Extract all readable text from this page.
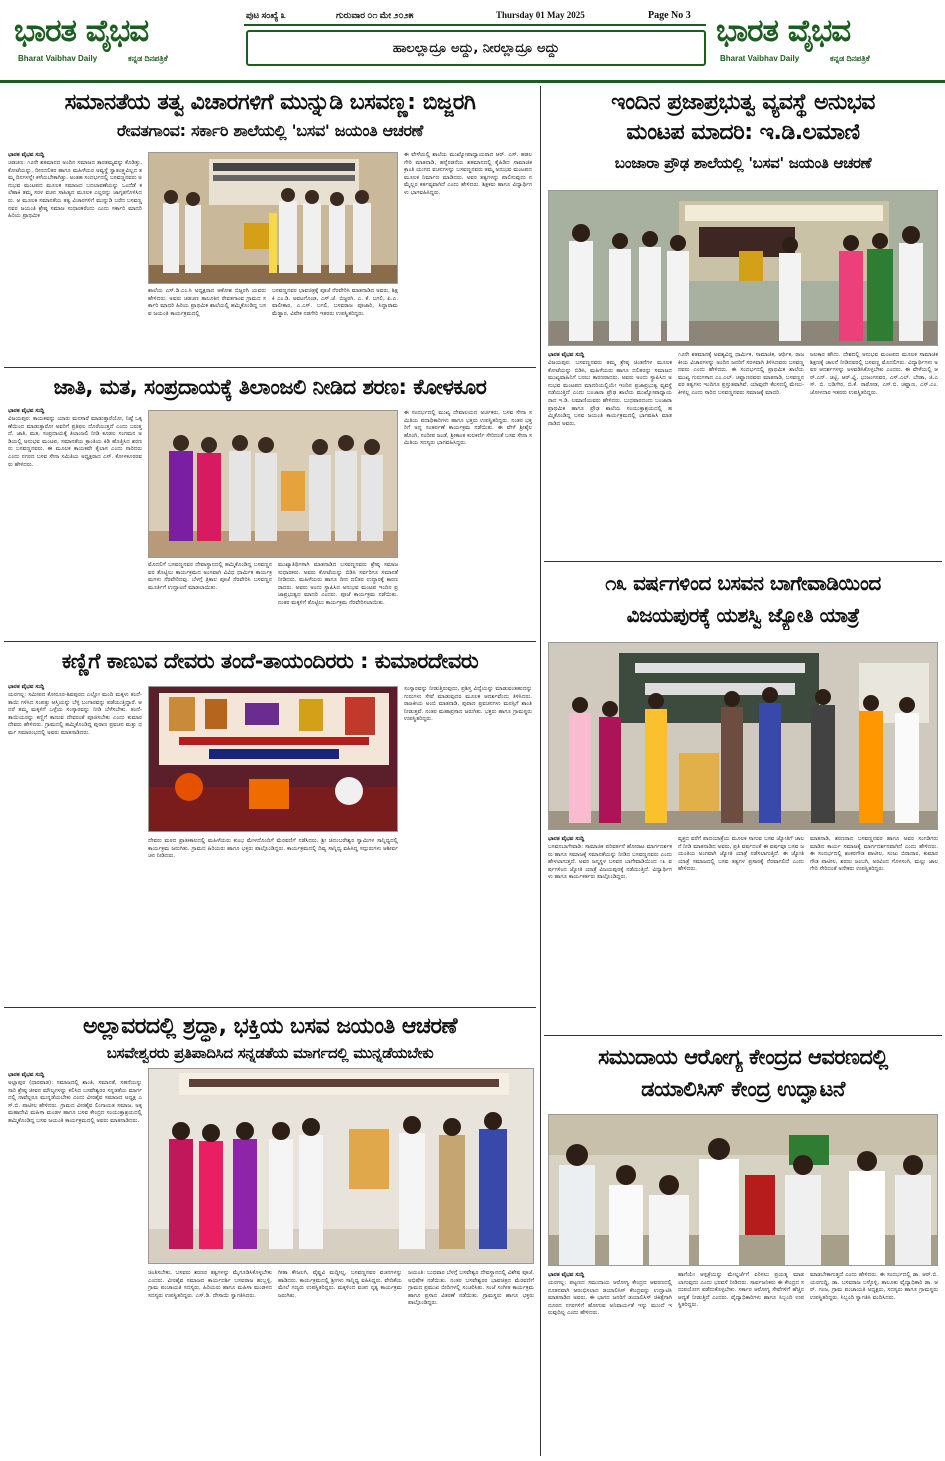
ಭಾರತ ವೈಭವ
Bharat Vaibhav Daily	ಕನ್ನಡ ದಿನಪತ್ರಿಕೆ
ಪುಟ ಸಂಖ್ಯೆ ೩	ಗುರುವಾರ ೦೧ ಮೇ ೨೦೨೫	Thursday 01 May 2025	Page No 3
ಹಾಲಲ್ಲಾದ್ರೂ ಅದ್ದು, ನೀರಲ್ಲಾದ್ರೂ ಅದ್ದು	ಭಾರತ ವೈಭವ
Bharat Vaibhav Daily	ಕನ್ನಡ ದಿನಪತ್ರಿಕೆ
ಸಮಾನತೆಯ ತತ್ವ ವಿಚಾರಗಳಿಗೆ ಮುನ್ನುಡಿ ಬಸವಣ್ಣ: ಬಿಜ್ಜರಗಿ
ರೇವತಗಾಂವ: ಸರ್ಕಾರಿ ಶಾಲೆಯಲ್ಲಿ 'ಬಸವ' ಜಯಂತಿ ಆಚರಣೆ
ಭಾರತ ವೈಭವ ಸುದ್ದಿ
ಚಡಚಣ: ೧೨ನೇ ಶತಮಾನದ ಅಂದಿನ ಸಮಾಜದ ತಾರತಮ್ಯವನ್ನು ಕೊಡಿತ್ತು, ಕೋಟೆಯನ್ನು, ದೀನದಲಿತರ ಹಾಗೂ ಮಹಿಳೆಯರ ಅವ್ವಸ್ಥೆ ಸ್ವಾತಂತ್ರ್ಯವಿಲ್ಲದ ತಮ್ಮ ದಿನಗಳನ್ನೇ ಕಳೆಯಬೇಕಾಗಿತ್ತು. ಅಂತಹ ಸಂದರ್ಭದಲ್ಲಿ ಬಸವಣ್ಣನವರು ಅನುಭವ ಮಂಟಪದ ಮೂಲಕ ಸಮಾಜದ ಬದಲಾವಣೆಯನ್ನು ಒಂದೆಡೆ ಕಲೆಹಾಕಿ ತಮ್ಮ ಸರಳ ವಚನ ಸಾಹಿತ್ಯದ ಮೂಲಕ ಎಲ್ಲರನ್ನು ಜಾಗೃತಗೊಳಿಸಿದರು. ಆ ಮೂಲಕ ಸಮಾನತೆಯ ತತ್ವ ವಿಚಾರಗಳಿಗೆ ಮುನ್ನುಡಿ ಬರೆದ ಬಸವಣ್ಣನವರ ಜಯಂತಿ ಶ್ರೇಷ್ಠ ಸಮಾಜ ಸುಧಾರಕರೆಂದು ಎಂದು ಸರ್ಕಾರಿ ಮಾದರಿ ಹಿರಿಯ ಪ್ರಾಥಮಿಕ
ಶಾಲೆಯ ಎಸ್.ಡಿ.ಎಂ.ಸಿ ಅಧ್ಯಕ್ಷರಾದ ಆಕೋಶ ಬಿಜ್ಜರಗಿ ಯವರು ಹೇಳಿದರು. ಅವರು ಚಡಚಣ ತಾಲೂಕಿನ ರೇವತಗಾಂವ ಗ್ರಾಮದ ಸರ್ಕಾರಿ ಮಾದರಿ ಹಿರಿಯ ಪ್ರಾಥಮಿಕ ಶಾಲೆಯಲ್ಲಿ ಹಮ್ಮಿಕೊಂಡಿದ್ದ ಬಸವ ಜಯಂತಿ ಕಾರ್ಯಕ್ರಮದಲ್ಲಿ
ಬಸವಣ್ಣನವರ ಭಾವಚಿತ್ರಕ್ಕೆ ಪೂಜೆ ನೆರವೇರಿಸಿ ಮಾತನಾಡಿದ ಅವರು, ಶಿಕ್ಷಕಿ ಎಂ.ಡಿ. ಅವಟಗೊಂಡ, ಎಸ್.ಜೆ. ಬಿಜ್ಜರಗಿ, ಎ. ಕೆ. ಬಗಲಿ, ಪಿ.ಎ. ವಾಲೀಕಾರ, ಎ.ಎಸ್. ಬಗಲಿ, ಬಸವರಾಜ ಪೂಜಾರಿ, ಸಿದ್ದಾರಾಮ ಮೆಡ್ಡಾರ, ವಿವೇಕ ನಡಗೇರಿ ಇತರರು ಉಪಸ್ಥಿತರಿದ್ದರು.
ಈ ವೇಳೆಯಲ್ಲಿ ಶಾಲೆಯ ಮುಖ್ಯೋಪಾಧ್ಯಾಯರಾದ ಆರ್. ಎಸ್. ಹಡಲಗೇರಿ ಮಾತನಾಡಿ, ಹನ್ನೆರಡನೆಯ ಶತಮಾನದಲ್ಲಿ ಕೈಹಿಡಿದ ಸಾಮಾಜಿಕ ಕ್ರಾಂತಿ ಯುಗದ ವಚನಗಳನ್ನು ಬಸವಣ್ಣನವರು ತಮ್ಮ ಅನುಭವ ಮಂಟಪದ ಮೂಲಕ ನಿರ್ಮಾಣ ಮಾಡಿದರು. ಅವರ ತತ್ವಗಳನ್ನು ಪಾಲಿಸುವುದು ನಮ್ಮೆಲ್ಲರ ಕರ್ತವ್ಯವಾಗಿದೆ ಎಂದು ಹೇಳಿದರು. ಶಿಕ್ಷಕರು ಹಾಗೂ ವಿದ್ಯಾರ್ಥಿಗಳು ಭಾಗವಹಿಸಿದ್ದರು.
ಜಾತಿ, ಮತ, ಸಂಪ್ರದಾಯಕ್ಕೆ ತಿಲಾಂಜಲಿ ನೀಡಿದ ಶರಣ: ಕೋಳಕೂರ
ಭಾರತ ವೈಭವ ಸುದ್ದಿ
ವಿಜಯಪುರ: ಕಾಯಕವನ್ನು ಯಾರು ಮನಸಾರೆ ಮಾಡುತ್ತಾರೆಯೋ, ನಿಷ್ಠೆ ಒಕ್ಕಣೆಯಿಂದ ಮಾಡುತ್ತಾರೋ ಅವರಿಗೆ ಪ್ರತಿಫಲ ದೊರೆಯುತ್ತದೆ ಎಂದು ಬರುತ್ತದೆ. ಜಾತಿ, ಮತ, ಸಂಪ್ರದಾಯಕ್ಕೆ ತಿಲಾಂಜಲಿ ನೀಡಿ ಕೂಡಲ ಸಂಗಮನ ಅಡಿಯಲ್ಲಿ ಅನುಭವ ಮಂಟಪ, ಸಮಾನತೆಯ ಕ್ರಾಂತಿಯ ಕಿಡಿ ಹೊತ್ತಿಸಿದ ಶರಣರು ಬಸವಣ್ಣನವರು. ಈ ಮೂಲಕ ಕಾಯಕವೇ ಕೈಲಾಸ ಎಂದು ಸಾರಿದರು ಎಂದು ನಗರದ ಬಸವ ಸೇನಾ ಸಮಿತಿಯ ಅಧ್ಯಕ್ಷರಾದ ಎಸ್. ಕೋಳಕೂರರವರು ಹೇಳಿದರು.
ಮೊದಲಿಗೆ ಬಸವಣ್ಣನವರ ದೇವಾಸ್ಥಾನದಲ್ಲಿ ಹಮ್ಮಿಕೊಂಡಿದ್ದ ಬಸವಣ್ಣನವರ ತೊಟ್ಟಿಲು ಕಾರ್ಯಕ್ರಮದ ಅಂಗವಾಗಿ ವಿವಿಧ ಧಾರ್ಮಿಕ ಕಾರ್ಯಕ್ರಮಗಳು ನೆರವೇರಿದವು. ಬೆಳಗ್ಗೆ ತ್ರಿಕಾಲ ಪೂಜೆ ನೆರವೇರಿಸಿ ಬಸವಣ್ಣನ ಮೂರ್ತಿಗೆ ಉದ್ಘಾಟನೆ ಮಾಡಲಾಯಿತು.
ಮುಖ್ಯಾತಿಥಿಗಳಾಗಿ ಮಾತನಾಡಿದ ಬಸವಣ್ಣನವರು ಶ್ರೇಷ್ಠ ಸಮಾಜ ಸುಧಾರಕರು. ಅವರು ಕೋಟೆಯನ್ನು ಬಿಡಿಸಿ ಸರ್ವರಿಗೂ ಸಮಾನತೆ ನೀಡಿದರು. ಮಹಿಳೆಯರು ಹಾಗೂ ದೀನ ದಲಿತರ ಉದ್ಧಾರಕ್ಕೆ ಕಾರಣರಾದರು. ಅವರು ಅಂದು ಸ್ಥಾಪಿಸಿದ ಅನುಭವ ಮಂಟಪ ಇಂದಿನ ಪ್ರಜಾಪ್ರಭುತ್ವದ ಮಾದರಿ ಎಂದರು. ಪೂಜೆ ಕಾರ್ಯಕ್ರಮ ನಡೆಯಿತು. ನಂತರ ಮಕ್ಕಳಿಗೆ ತೊಟ್ಟಿಲು ಕಾರ್ಯಕ್ರಮ ನೆರವೇರಿಸಲಾಯಿತು.
ಈ ಸಂದರ್ಭದಲ್ಲಿ ಮುಖ್ಯ ದೇವಾಲಯದ ಅರ್ಚಕರು, ಬಸವ ಸೇನಾ ಸಮಿತಿಯ ಪದಾಧಿಕಾರಿಗಳು ಹಾಗೂ ಭಕ್ತರು ಉಪಸ್ಥಿತರಿದ್ದರು. ನಂತರ ಭಕ್ತರಿಗೆ ಅನ್ನ ಸಂತರ್ಪಣೆ ಕಾರ್ಯಕ್ರಮ ನಡೆಯಿತು. ಈ ವೇಳೆ ಶ್ರೀಶೈಲ ಹೊಂಗಿ, ಸಂದೀಪ ಜಂಡೆ, ಶ್ರೀಕಾಂತ ಕುಲಕರ್ಣಿ ಸೇರಿದಂತೆ ಬಸವ ಸೇನಾ ಸಮಿತಿಯ ಸದಸ್ಯರು ಭಾಗವಹಿಸಿದ್ದರು.
ಕಣ್ಣಿಗೆ ಕಾಣುವ ದೇವರು ತಂದೆ-ತಾಯಂದಿರರು : ಕುಮಾರದೇವರು
ಭಾರತ ವೈಭವ ಸುದ್ದಿ
ಯರಗಲ್ಲ: ಸಮೀಪದ ಕೋರೂರ-ಶಿವಪುರದ ಎಲ್ಲೋ ಮಂದಿ ಮಕ್ಕಳು ತಂದೆ-ತಾಯಿ ಗಳಿಸಿದ ಸಂಪತ್ತು ಆಸ್ತಿಯನ್ನು ಬೆಳ್ಳಿ ಬಂಗಾರವನ್ನು ಪಡೆಯುತ್ತಿದ್ದಾರೆ. ಆದರೆ ತಮ್ಮ ಮಕ್ಕಳಿಗೆ ಒಳ್ಳೆಯ ಸಂಸ್ಕಾರವನ್ನು ನೀಡಿ ಬೆಳೆಸಬೇಕು. ತಂದೆ-ತಾಯಿಯರನ್ನು ಕಣ್ಣಿಗೆ ಕಾಣುವ ದೇವರಂತೆ ಪೂಜಿಸಬೇಕು ಎಂದು ಕುಮಾರದೇವರು ಹೇಳಿದರು. ಗ್ರಾಮದಲ್ಲಿ ಹಮ್ಮಿಕೊಂಡಿದ್ದ ಪುರಾಣ ಪ್ರವಚನ ಮತ್ತು ಧರ್ಮ ಸಮಾರಂಭದಲ್ಲಿ ಅವರು ಮಾತನಾಡಿದರು.
ದೇವರು ಮಠದ ಪ್ರಾತಃಕಾಲದಲ್ಲಿ ಮಹಿಳೆಯರು ಕುಂಭ ಮೇಳದೊಂದಿಗೆ ಮೆರವಣಿಗೆ ನಡೆಸಿದರು. ಶ್ರೀ ಚಿದಂಬರೇಶ್ವರ ಸ್ವಾಮಿಗಳ ಸಾನ್ನಿಧ್ಯದಲ್ಲಿ ಕಾರ್ಯಕ್ರಮ ಜರುಗಿತು. ಗ್ರಾಮದ ಹಿರಿಯರು ಹಾಗೂ ಭಕ್ತರು ಪಾಲ್ಗೊಂಡಿದ್ದರು. ಕಾರ್ಯಕ್ರಮದಲ್ಲಿ ದಿವ್ಯ ಸಾನ್ನಿಧ್ಯ ವಹಿಸಿದ್ದ ಸದ್ಗುರುಗಳು ಆಶೀರ್ವಚನ ನೀಡಿದರು.
ಸಂಸ್ಕಾರವನ್ನು ನೀಡುತ್ತಿರುವುದು, ಪ್ರಶಿಸ್ತ ವಿದ್ಯೆಯನ್ನು ಮಾಡುವಂತಹುದನ್ನು ಗುರುಗಳು ಸೇವೆ ಮಾಡುವುದರ ಮೂಲಕ ಆದರ್ಶವೆಂದು ತಿಳಿಸಿದರು. ರಾಜಕೀಯ ಅಂಬಿ ಮಾತನಾಡಿ, ಪುರಾಣ ಪ್ರವಚನಗಳು ಮನಸ್ಸಿಗೆ ಶಾಂತಿ ನೀಡುತ್ತವೆ. ನಂತರ ಮಹಾಪ್ರಸಾದ ಜರುಗಿತು. ಭಕ್ತರು ಹಾಗೂ ಗ್ರಾಮಸ್ಥರು ಉಪಸ್ಥಿತರಿದ್ದರು.
ಅಲ್ಲಾವರದಲ್ಲಿ ಶ್ರದ್ಧಾ, ಭಕ್ತಿಯ ಬಸವ ಜಯಂತಿ ಆಚರಣೆ
ಬಸವೇಶ್ವರರು ಪ್ರತಿಪಾದಿಸಿದ ಸನ್ನಡತೆಯ ಮಾರ್ಗದಲ್ಲಿ ಮುನ್ನಡೆಯಬೇಕು
ಭಾರತ ವೈಭವ ಸುದ್ದಿ
ಅಲ್ಲಾಪುರ (ಧಾರವಾಡ): ಸಮಾಜದಲ್ಲಿ ಶಾಂತಿ, ಸಮಾನತೆ, ಸಹನೆಯನ್ನು ಸಾರಿ ಶ್ರೇಷ್ಠ ಜೀವನ ಮೌಲ್ಯಗಳನ್ನು ಕಲಿಸಿದ ಬಸವೇಶ್ವರರ ಸನ್ನಡತೆಯ ಮಾರ್ಗದಲ್ಲಿ ನಾವೆಲ್ಲರೂ ಮುನ್ನಡೆಯಬೇಕು ಎಂದು ವೀರಶೈವ ಸಮಾಜದ ಅಧ್ಯಕ್ಷ ಎಸ್.ಬಿ. ಪಾಟೀಲ ಹೇಳಿದರು. ಗ್ರಾಮದ ವೀರಶೈವ ಲಿಂಗಾಯತ ಸಮಾಜ, ಅಕ್ಕ ಮಹಾದೇವಿ ಮಹಿಳಾ ಮಂಡಳ ಹಾಗೂ ಬಸವ ಕೇಂದ್ರದ ಸಂಯುಕ್ತಾಶ್ರಯದಲ್ಲಿ ಹಮ್ಮಿಕೊಂಡಿದ್ದ ಬಸವ ಜಯಂತಿ ಕಾರ್ಯಕ್ರಮದಲ್ಲಿ ಅವರು ಮಾತನಾಡಿದರು.
ಚಿಂತಿಸಬೇಕು, ಬಸವರು ಶರಣರ ತತ್ವಗಳನ್ನು ಮೈಗೂಡಿಸಿಕೊಳ್ಳಬೇಕು ಎಂದರು. ವೀರಶೈವ ಸಮಾಜದ ಕಾರ್ಯದರ್ಶಿ ಬಸವರಾಜ ಹುಬ್ಬಳ್ಳಿ, ಗ್ರಾಮ ಪಂಚಾಯತಿ ಸದಸ್ಯರು, ಹಿರಿಯರು ಹಾಗೂ ಮಹಿಳಾ ಮಂಡಳದ ಸದಸ್ಯರು ಉಪಸ್ಥಿತರಿದ್ದರು. ಎಸ್.ಡಿ. ದೇಸಾಯಿ ಸ್ವಾಗತಿಸಿದರು.
ಗೀತಾ ಕೌಜಲಗಿ, ವೈಷ್ಣವಿ ಮದ್ದೀಲ್ಲ, ಬಸವಣ್ಣನವರ ವಚನಗಳನ್ನು ಹಾಡಿದರು. ಕಾರ್ಯಕ್ರಮದಲ್ಲಿ ಶ್ರೀಗಳು ಸಾನ್ನಿಧ್ಯ ವಹಿಸಿದ್ದರು. ವೇದಿಕೆಯ ಮೇಲೆ ಗಣ್ಯರು ಉಪಸ್ಥಿತರಿದ್ದರು. ಮಕ್ಕಳಿಂದ ವಚನ ನೃತ್ಯ ಕಾರ್ಯಕ್ರಮ ಜರುಗಿತು.
ಜಯಂತಿ: ಬುಧವಾರ ಬೆಳಗ್ಗೆ ಬಸವೇಶ್ವರ ದೇವಸ್ಥಾನದಲ್ಲಿ ವಿಶೇಷ ಪೂಜೆ, ಅಭಿಷೇಕ ನಡೆಯಿತು. ನಂತರ ಬಸವೇಶ್ವರರ ಭಾವಚಿತ್ರದ ಮೆರವಣಿಗೆ ಗ್ರಾಮದ ಪ್ರಮುಖ ಬೀದಿಗಳಲ್ಲಿ ಸಂಚರಿಸಿತು. ಸಂಜೆ ಸಂಗೀತ ಕಾರ್ಯಕ್ರಮ ಹಾಗೂ ಪ್ರಸಾದ ವಿತರಣೆ ನಡೆಯಿತು. ಗ್ರಾಮಸ್ಥರು ಹಾಗೂ ಭಕ್ತರು ಪಾಲ್ಗೊಂಡಿದ್ದರು.
ಇಂದಿನ ಪ್ರಜಾಪ್ರಭುತ್ವ ವ್ಯವಸ್ಥೆ ಅನುಭವ
ಮಂಟಪ ಮಾದರಿ: ಇ.ಡಿ.ಲಮಾಣಿ
ಬಂಜಾರಾ ಪ್ರೌಢ ಶಾಲೆಯಲ್ಲಿ 'ಬಸವ' ಜಯಂತಿ ಆಚರಣೆ
ಭಾರತ ವೈಭವ ಸುದ್ದಿ
ವಿಜಯಪುರ: ಬಸವಣ್ಣನವರು ತಮ್ಮ ಶ್ರೇಷ್ಠ ಚಿಂತನೆಗಳ ಮೂಲಕ ಕೋಟೆಯನ್ನು ಬಿಡಿಸಿ, ಮಹಿಳೆಯರು ಹಾಗೂ ದಲಿತರನ್ನು ಸಮಾಜದ ಮುಖ್ಯವಾಹಿನಿಗೆ ಬರಲು ಕಾರಣರಾದರು. ಅವರು ಅಂದು ಸ್ಥಾಪಿಸಿದ ಅನುಭವ ಮಂಟಪದ ಮಾದರಿಯಲ್ಲಿಯೇ ಇಂದಿನ ಪ್ರಜಾಪ್ರಭುತ್ವ ವ್ಯವಸ್ಥೆ ನಡೆಯುತ್ತಿದೆ ಎಂದು ಬಂಜಾರಾ ಪ್ರೌಢ ಶಾಲೆಯ ಮುಖ್ಯೋಪಾಧ್ಯಾಯರಾದ ಇ.ಡಿ. ಲಮಾಣಿಯವರು ಹೇಳಿದರು. ಬುಧವಾರದಂದು ಬಂಜಾರಾ ಪ್ರಾಥಮಿಕ ಹಾಗೂ ಪ್ರೌಢ ಶಾಲೆಯ ಸಂಯುಕ್ತಾಶ್ರಯದಲ್ಲಿ ಹಮ್ಮಿಕೊಂಡಿದ್ದ ಬಸವ ಜಯಂತಿ ಕಾರ್ಯಕ್ರಮದಲ್ಲಿ ಭಾಗವಹಿಸಿ ಮಾತನಾಡಿದ ಅವರು,
೧೨ನೇ ಶತಮಾನಕ್ಕೆ ಅವಶ್ಯವಿದ್ದ ಧಾರ್ಮಿಕ, ಸಾಮಾಜಿಕ, ಆರ್ಥಿಕ, ರಾಜಕೀಯ ವಿಚಾರಗಳನ್ನು ಅಂದಿನ ಜನರಿಗೆ ಸರಳವಾಗಿ ತಿಳಿಸಿದವರು ಬಸವಣ್ಣನವರು ಎಂದು ಹೇಳಿದರು. ಈ ಸಂದರ್ಭದಲ್ಲಿ ಪ್ರಾಥಮಿಕ ಶಾಲೆಯ ಮುಖ್ಯ ಗುರುಗಳಾದ ಎಂ.ಎಲ್. ಚವ್ಹಾಣರವರು ಮಾತನಾಡಿ, ಬಸವಣ್ಣನವರ ತತ್ವಗಳು ಇಂದಿಗೂ ಪ್ರಸ್ತುತವಾಗಿವೆ. ಯಾವುದೇ ಕೆಲಸದಲ್ಲಿ ಮೇಲು-ಕೀಳಿಲ್ಲ ಎಂದು ಸಾರಿದ ಬಸವಣ್ಣನವರು ಸಮಾಜಕ್ಕೆ ಮಾದರಿ.
ಜಲಕಾರ ಹೌದು. ದೇಶದಲ್ಲಿ ಅನುಭವ ಮಂಟಪದ ಮೂಲಕ ಸಾಮಾಜಿಕ ಶಿಕ್ಷಣಕ್ಕೆ ಚಾಲನೆ ನೀಡಿದವರಲ್ಲಿ ಬಸವಣ್ಣ ಮೊದಲಿಗರು. ವಿದ್ಯಾರ್ಥಿಗಳು ಅವರ ಆದರ್ಶಗಳನ್ನು ಅಳವಡಿಸಿಕೊಳ್ಳಬೇಕು ಎಂದರು. ಈ ವೇಳೆಯಲ್ಲಿ ಆರ್.ಎನ್. ಚಟ್ಟಿ, ಆರ್.ವ್ಹಿ. ಭುಜಂಗನವರ, ಎಸ್.ಎಲ್. ಬೇಡಾ, ಜಿ.ಎಸ್. ಬಿ. ಬಡಿಗೇರ, ಬಿ.ಕೆ. ರಾಠೋಡ, ಎಸ್.ಬಿ. ಚವ್ಹಾಣ, ಎಸ್.ಎಂ. ಜೋಳದಾರ ಇತರರು ಉಪಸ್ಥಿತರಿದ್ದರು.
೧೩ ವರ್ಷಗಳಿಂದ ಬಸವನ ಬಾಗೇವಾಡಿಯಿಂದ
ವಿಜಯಪುರಕ್ಕೆ ಯಶಸ್ವಿ ಜ್ಯೋತಿ ಯಾತ್ರೆ
ಭಾರತ ವೈಭವ ಸುದ್ದಿ
ಬಸವನಬಾಗೇವಾಡಿ: ಸಾಮಾಜಿಕ ಪರಿವರ್ತನೆ ಹೋರಾಟ ಮಾರ್ಗದರ್ಶಕರು ಹಾಗೂ ಸಮಾಜಕ್ಕೆ ಸಮಾನತೆಯನ್ನು ನೀಡಿದ ಬಸವಣ್ಣನವರು ಎಂದು ಹೇಳಲಾಗುತ್ತದೆ. ಅವರ ಜನ್ಮಸ್ಥಳ ಬಸವನ ಬಾಗೇವಾಡಿಯಿಂದ ೧೩ ವರ್ಷಗಳಿಂದ ಜ್ಯೋತಿ ಯಾತ್ರೆ ವಿಜಯಪುರಕ್ಕೆ ನಡೆಯುತ್ತಿದೆ. ವಿದ್ಯಾರ್ಥಿಗಳು ಹಾಗೂ ಕಾರ್ಯಕರ್ತರು ಪಾಲ್ಗೊಂಡಿದ್ದರು.
ವ್ಯಕ್ತದ ವರೆಗೆ ಪಾದಯಾತ್ರೆಯ ಮೂಲಕ ಸಾಗುವ ಬಸವ ಜ್ಯೋತಿಗೆ ಚಾಲನೆ ನೀಡಿ ಮಾತನಾಡಿದ ಅವರು, ಪ್ರತಿ ವರ್ಷದಂತೆ ಈ ವರ್ಷವೂ ಬಸವ ಜಯಂತಿಯ ಅಂಗವಾಗಿ ಜ್ಯೋತಿ ಯಾತ್ರೆ ನಡೆಸಲಾಗುತ್ತಿದೆ. ಈ ಜ್ಯೋತಿ ಯಾತ್ರೆ ಸಮಾಜದಲ್ಲಿ ಬಸವ ತತ್ವಗಳ ಪ್ರಸಾರಕ್ಕೆ ನೆರವಾಗಲಿದೆ ಎಂದು ಹೇಳಿದರು.
ಮಾತನಾಡಿ, ಶರಣರಾದ ಬಸವಣ್ಣನವರ ಹಾಗೂ ಅವರ ಸಂಗಡಿಗರು ಮಾಡಿದ ಕಾರ್ಯ ಸಮಾಜಕ್ಕೆ ಮಾರ್ಗದರ್ಶನವಾಗಿದೆ ಎಂದು ಹೇಳಿದರು. ಈ ಸಂದರ್ಭದಲ್ಲಿ ಶಂಕರಗೌಡ ಪಾಟೀಲ, ಸಂಜು ಬಿರಾದಾರ, ಕುಮಾರಗೌಡ ಪಾಟೀಲ, ಶರಣು ಜಂಬಗಿ, ಅರವಿಂದ ಗೊಳಸಂಗಿ, ಮಲ್ಲು ಜಾಲಗೇರಿ ಸೇರಿದಂತೆ ಅನೇಕರು ಉಪಸ್ಥಿತರಿದ್ದರು.
ಸಮುದಾಯ ಆರೋಗ್ಯ ಕೇಂದ್ರದ ಆವರಣದಲ್ಲಿ
ಡಯಾಲಿಸಿಸ್ ಕೇಂದ್ರ ಉದ್ಘಾಟನೆ
ಭಾರತ ವೈಭವ ಸುದ್ದಿ
ಯರಗಲ್ಲ: ಪಟ್ಟಣದ ಸಮುದಾಯ ಆರೋಗ್ಯ ಕೇಂದ್ರದ ಆವರಣದಲ್ಲಿ ನೂತನವಾಗಿ ಆರಂಭಿಸಲಾದ ಡಯಾಲಿಸಿಸ್ ಕೇಂದ್ರವನ್ನು ಉದ್ಘಾಟಿಸಿ ಮಾತನಾಡಿದ ಅವರು, ಈ ಭಾಗದ ಜನರಿಗೆ ಡಯಾಲಿಸಿಸ್ ಚಿಕಿತ್ಸೆಗಾಗಿ ದೂರದ ನಗರಗಳಿಗೆ ಹೋಗುವ ಅನಿವಾರ್ಯತೆ ಇನ್ನು ಮುಂದೆ ಇರುವುದಿಲ್ಲ ಎಂದು ಹೇಳಿದರು.
ಹಾಗೆಯೇ ಆಸ್ಪತ್ರೆಯನ್ನು ಮೇಲ್ದರ್ಜೆಗೆ ಏರಿಸಲು ಪ್ರಯತ್ನ ಮಾಡಲಾಗುವುದು ಎಂದು ಭರವಸೆ ನೀಡಿದರು. ಸಾರ್ವಜನಿಕರು ಈ ಕೇಂದ್ರದ ಸದುಪಯೋಗ ಪಡೆದುಕೊಳ್ಳಬೇಕು. ಸರ್ಕಾರ ಆರೋಗ್ಯ ಸೇವೆಗಳಿಗೆ ಹೆಚ್ಚಿನ ಆದ್ಯತೆ ನೀಡುತ್ತಿದೆ ಎಂದರು. ವೈದ್ಯಾಧಿಕಾರಿಗಳು ಹಾಗೂ ಸಿಬ್ಬಂದಿ ಉಪಸ್ಥಿತರಿದ್ದರು.
ಮಾಡಬೇಕಾಗುತ್ತದೆ ಎಂದು ಹೇಳಿದರು. ಈ ಸಂದರ್ಭದಲ್ಲಿ ಡಾ. ಆರ್.ಬಿ. ಯರಗುದ್ದಿ, ಡಾ. ಬಸವರಾಜ ಬಳ್ಳೊಳ್ಳಿ, ತಾಲೂಕು ವೈದ್ಯಾಧಿಕಾರಿ ಡಾ. ಆರ್. ಗಂಜ, ಗ್ರಾಮ ಪಂಚಾಯತಿ ಅಧ್ಯಕ್ಷರು, ಸದಸ್ಯರು ಹಾಗೂ ಗ್ರಾಮಸ್ಥರು ಉಪಸ್ಥಿತರಿದ್ದರು. ಸಿಬ್ಬಂದಿ ಸ್ವಾಗತಿಸಿ ವಂದಿಸಿದರು.
